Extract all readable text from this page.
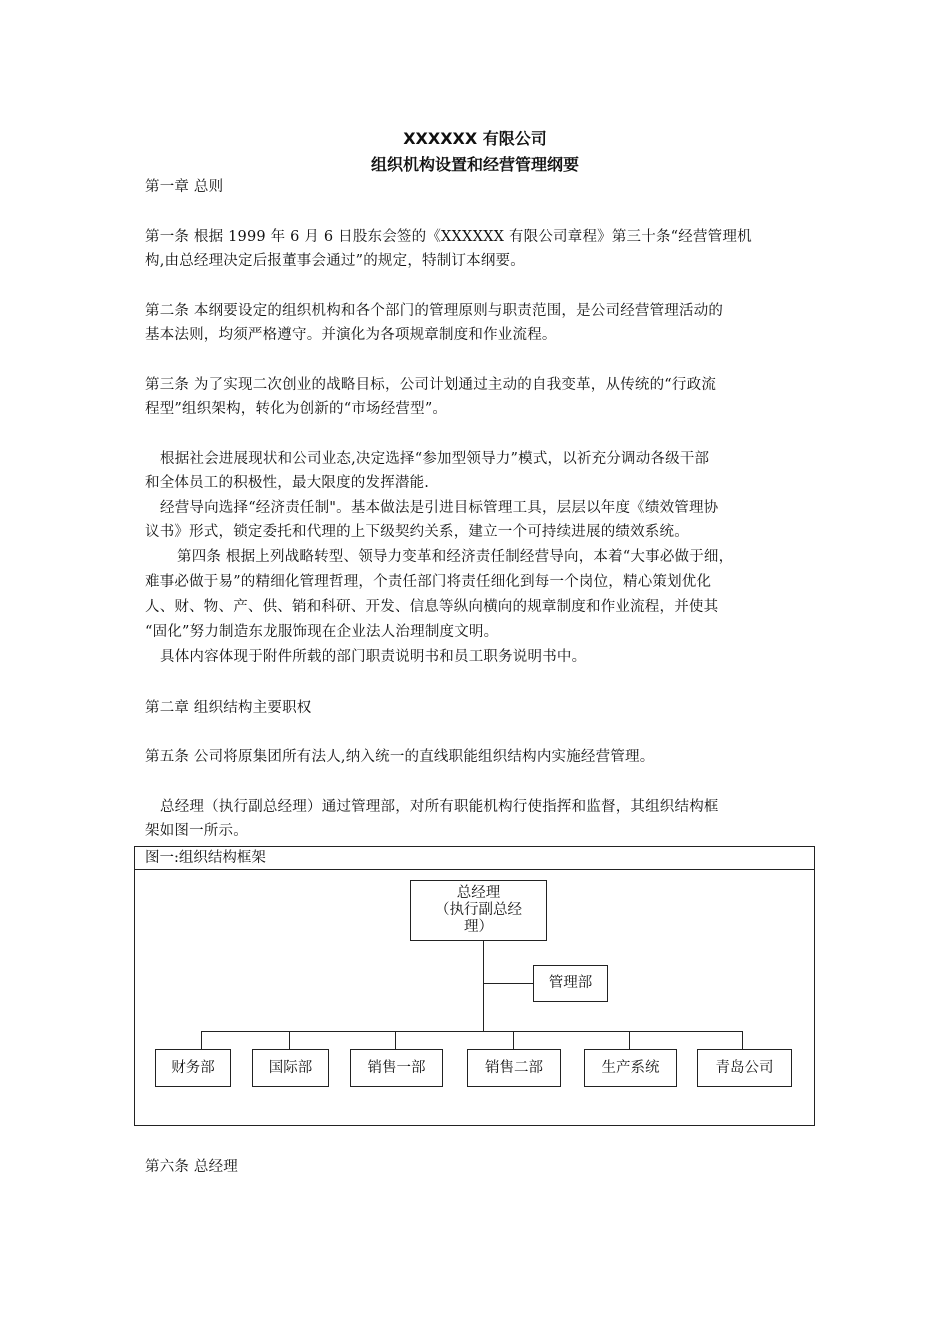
XXXXXX 有限公司
组织机构设置和经营管理纲要
第一章 总则
第一条 根据 1999 年 6 月 6 日股东会签的《XXXXXX 有限公司章程》第三十条“经营管理机
构,由总经理决定后报董事会通过”的规定，特制订本纲要。
第二条 本纲要设定的组织机构和各个部门的管理原则与职责范围，是公司经营管理活动的
基本法则，均须严格遵守。并演化为各项规章制度和作业流程。
第三条 为了实现二次创业的战略目标，公司计划通过主动的自我变革，从传统的“行政流
程型”组织架构，转化为创新的“市场经营型”。
根据社会进展现状和公司业态,决定选择“参加型领导力”模式，以祈充分调动各级干部
和全体员工的积极性，最大限度的发挥潜能.
经营导向选择“经济责任制"。基本做法是引进目标管理工具，层层以年度《绩效管理协
议书》形式，锁定委托和代理的上下级契约关系，建立一个可持续进展的绩效系统。
第四条 根据上列战略转型、领导力变革和经济责任制经营导向，本着“大事必做于细，
难事必做于易”的精细化管理哲理，个责任部门将责任细化到每一个岗位，精心策划优化
人、财、物、产、供、销和科研、开发、信息等纵向横向的规章制度和作业流程，并使其
“固化”努力制造东龙服饰现在企业法人治理制度文明。
具体内容体现于附件所载的部门职责说明书和员工职务说明书中。
第二章 组织结构主要职权
第五条 公司将原集团所有法人,纳入统一的直线职能组织结构内实施经营管理。
总经理（执行副总经理）通过管理部，对所有职能机构行使指挥和监督，其组织结构框
架如图一所示。
图一:组织结构框架
总经理
（执行副总经
理）
管理部
财务部	国际部	销售一部	销售二部	生产系统	青岛公司
第六条 总经理
